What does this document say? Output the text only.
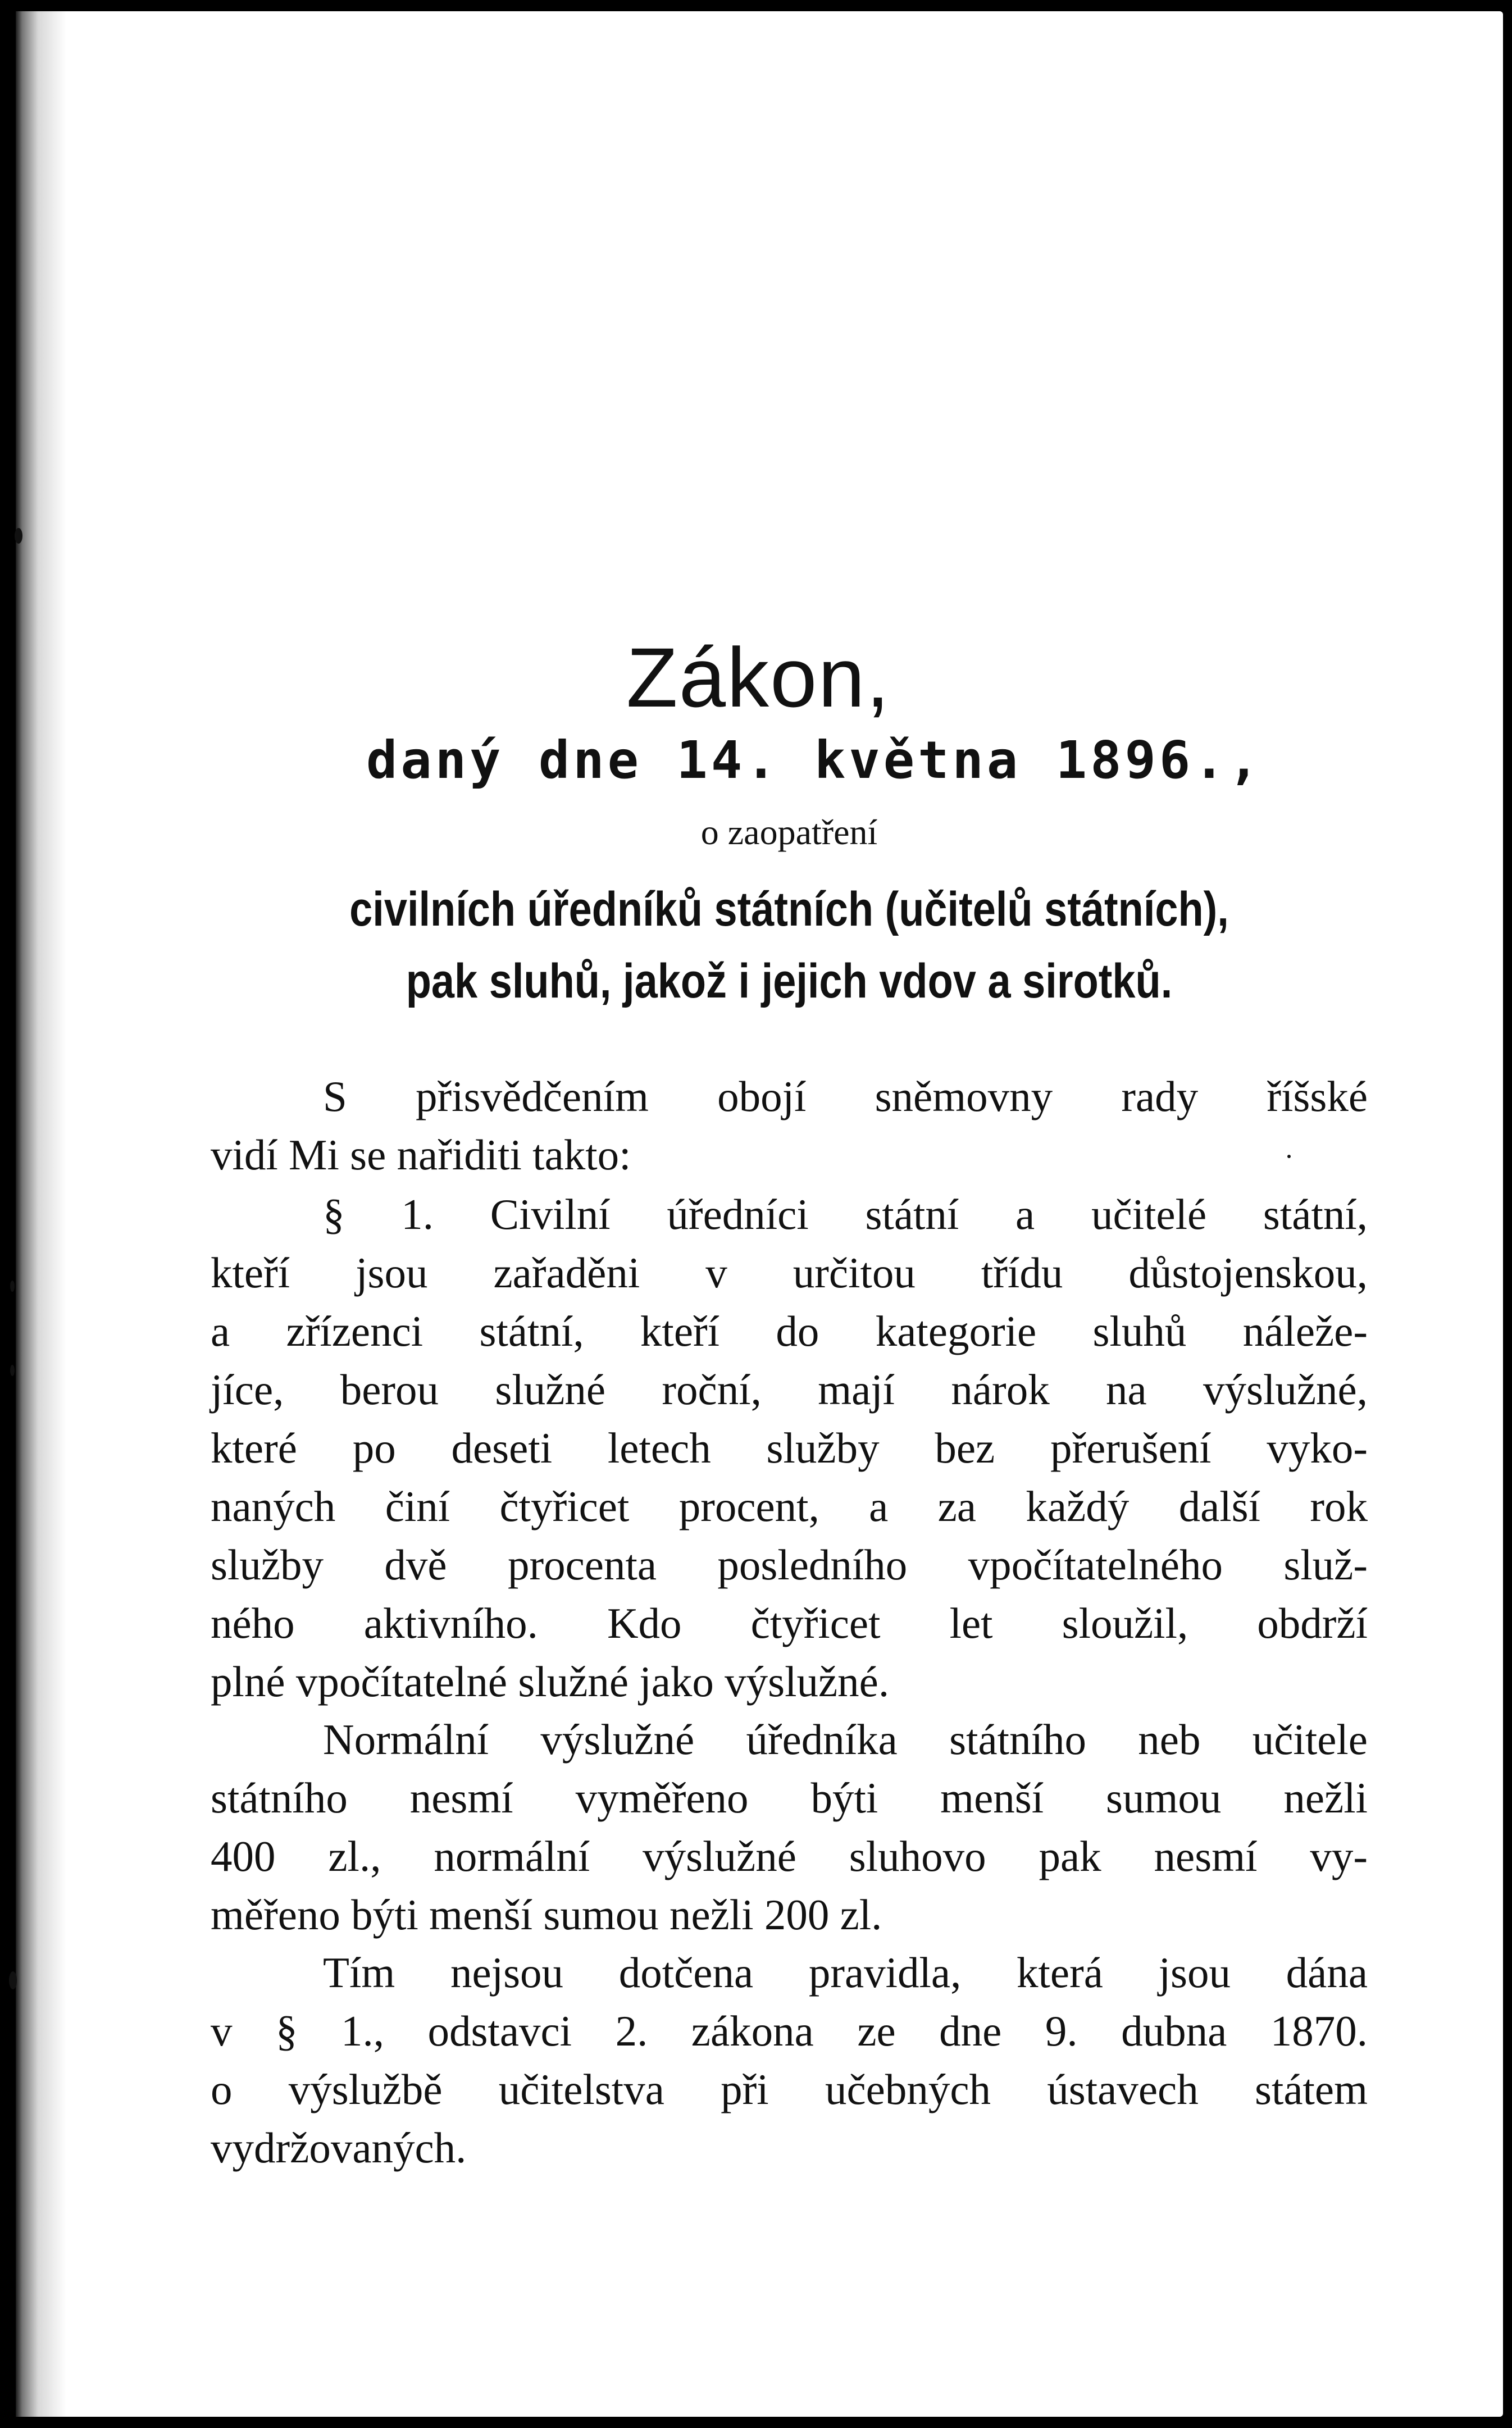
Zákon,
daný dne 14. května 1896.,
o zaopatření
civilních úředníků státních (učitelů státních),
pak sluhů, jakož i jejich vdov a sirotků.
S přisvědčením obojí sněmovny rady říšské
vidí Mi se nařiditi takto:
§ 1. Civilní úředníci státní a učitelé státní,
kteří jsou zařaděni v určitou třídu důstojenskou,
a zřízenci státní, kteří do kategorie sluhů náleže-
jíce, berou služné roční, mají nárok na výslužné,
které po deseti letech služby bez přerušení vyko-
naných činí čtyřicet procent, a za každý další rok
služby dvě procenta posledního vpočítatelného služ-
ného aktivního. Kdo čtyřicet let sloužil, obdrží
plné vpočítatelné služné jako výslužné.
Normální výslužné úředníka státního neb učitele
státního nesmí vyměřeno býti menší sumou nežli
400 zl., normální výslužné sluhovo pak nesmí vy-
měřeno býti menší sumou nežli 200 zl.
Tím nejsou dotčena pravidla, která jsou dána
v § 1., odstavci 2. zákona ze dne 9. dubna 1870.
o výslužbě učitelstva při učebných ústavech státem
vydržovaných.
